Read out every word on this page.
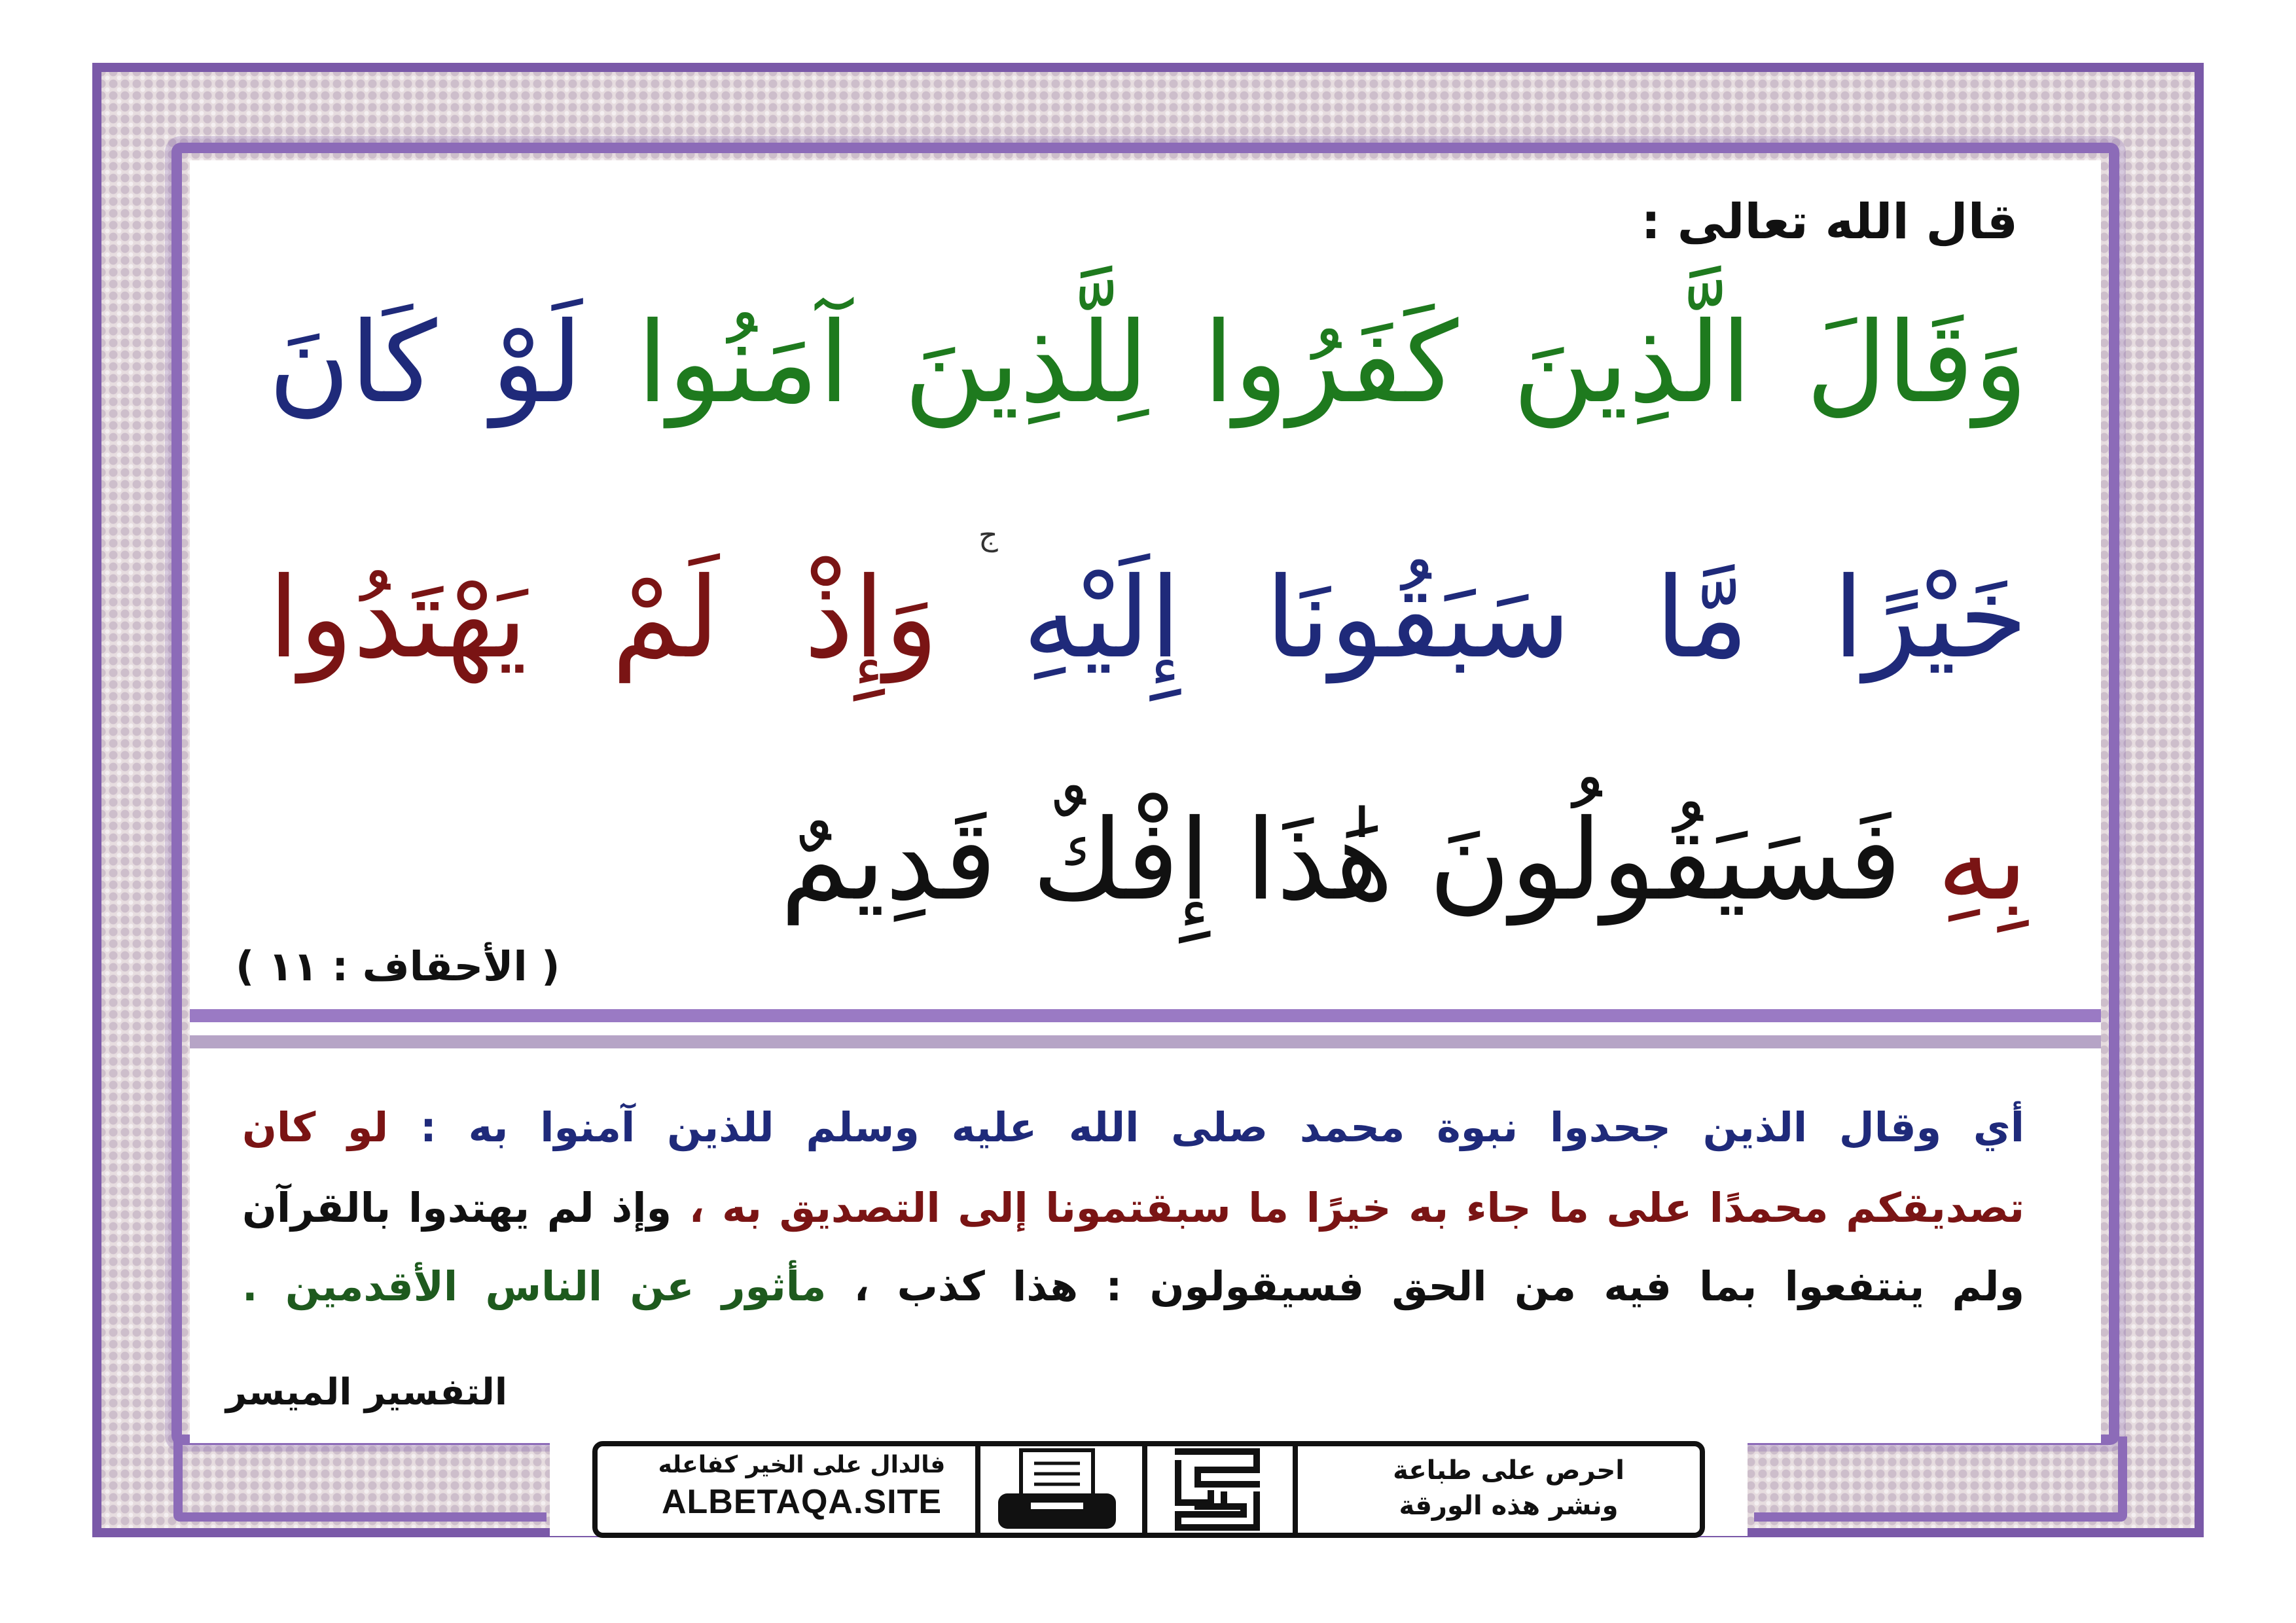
قال الله تعالى :
وَقَالَ الَّذِينَ كَفَرُوا لِلَّذِينَ آمَنُوا لَوْ كَانَ
ج
خَيْرًا مَّا سَبَقُونَا إِلَيْهِ وَإِذْ لَمْ يَهْتَدُوا
بِهِ فَسَيَقُولُونَ هَٰذَا إِفْكٌ قَدِيمٌ
( الأحقاف : ١١ )
أي وقال الذين جحدوا نبوة محمد صلى الله عليه وسلم للذين آمنوا به : لو كان
تصديقكم محمدًا على ما جاء به خيرًا ما سبقتمونا إلى التصديق به ، وإذ لم يهتدوا بالقرآن
ولم ينتفعوا بما فيه من الحق فسيقولون : هذا كذب ، مأثور عن الناس الأقدمين .
التفسير الميسر
فالدال على الخير كفاعله
ALBETAQA.SITE
احرص على طباعة
ونشر هذه الورقة
